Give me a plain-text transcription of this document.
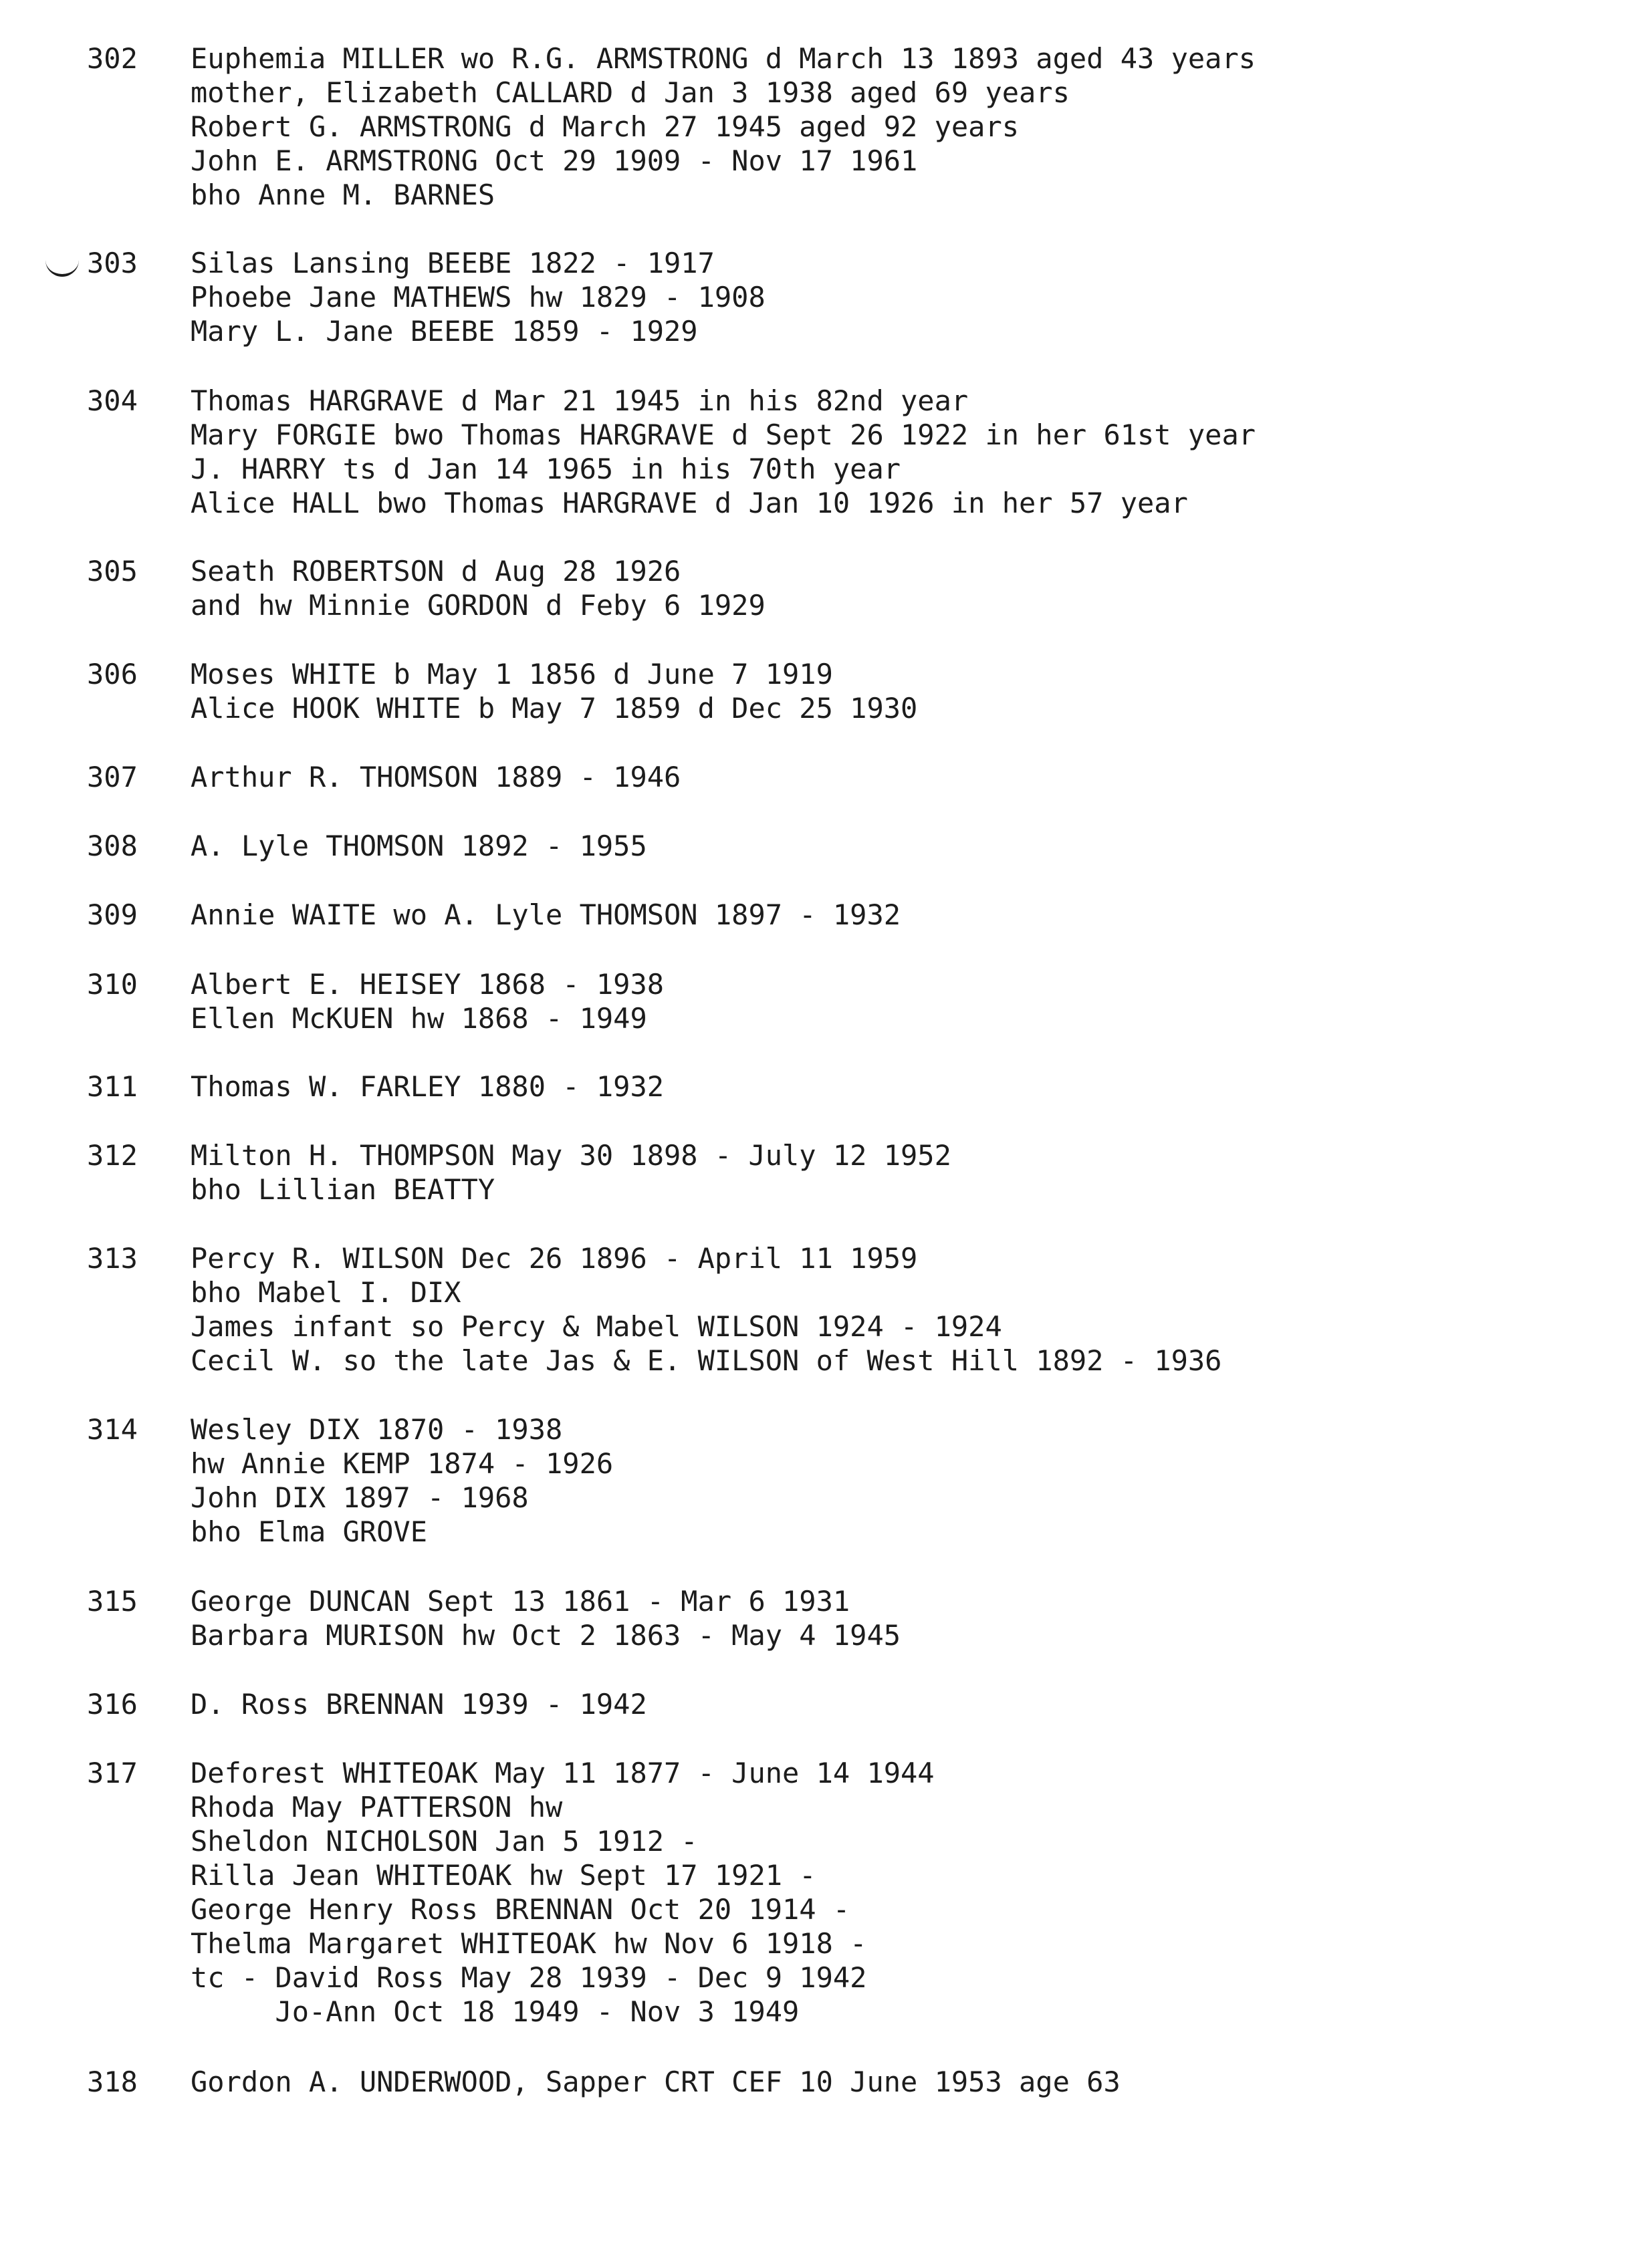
302 Euphemia MILLER wo R.G. ARMSTRONG d March 13 1893 aged 43 years
mother, Elizabeth CALLARD d Jan 3 1938 aged 69 years
Robert G. ARMSTRONG d March 27 1945 aged 92 years
John E. ARMSTRONG Oct 29 1909 - Nov 17 1961
bho Anne M. BARNES
303 Silas Lansing BEEBE 1822 - 1917
Phoebe Jane MATHEWS hw 1829 - 1908
Mary L. Jane BEEBE 1859 - 1929
304 Thomas HARGRAVE d Mar 21 1945 in his 82nd year
Mary FORGIE bwo Thomas HARGRAVE d Sept 26 1922 in her 61st year
J. HARRY ts d Jan 14 1965 in his 70th year
Alice HALL bwo Thomas HARGRAVE d Jan 10 1926 in her 57 year
305 Seath ROBERTSON d Aug 28 1926
and hw Minnie GORDON d Feby 6 1929
306 Moses WHITE b May 1 1856 d June 7 1919
Alice HOOK WHITE b May 7 1859 d Dec 25 1930
307 Arthur R. THOMSON 1889 - 1946
308 A. Lyle THOMSON 1892 - 1955
309 Annie WAITE wo A. Lyle THOMSON 1897 - 1932
310 Albert E. HEISEY 1868 - 1938
Ellen McKUEN hw 1868 - 1949
311 Thomas W. FARLEY 1880 - 1932
312 Milton H. THOMPSON May 30 1898 - July 12 1952
bho Lillian BEATTY
313 Percy R. WILSON Dec 26 1896 - April 11 1959
bho Mabel I. DIX
James infant so Percy & Mabel WILSON 1924 - 1924
Cecil W. so the late Jas & E. WILSON of West Hill 1892 - 1936
314 Wesley DIX 1870 - 1938
hw Annie KEMP 1874 - 1926
John DIX 1897 - 1968
bho Elma GROVE
315 George DUNCAN Sept 13 1861 - Mar 6 1931
Barbara MURISON hw Oct 2 1863 - May 4 1945
316 D. Ross BRENNAN 1939 - 1942
317 Deforest WHITEOAK May 11 1877 - June 14 1944
Rhoda May PATTERSON hw
Sheldon NICHOLSON Jan 5 1912 -
Rilla Jean WHITEOAK hw Sept 17 1921 -
George Henry Ross BRENNAN Oct 20 1914 -
Thelma Margaret WHITEOAK hw Nov 6 1918 -
tc - David Ross May 28 1939 - Dec 9 1942
Jo-Ann Oct 18 1949 - Nov 3 1949
318 Gordon A. UNDERWOOD, Sapper CRT CEF 10 June 1953 age 63
